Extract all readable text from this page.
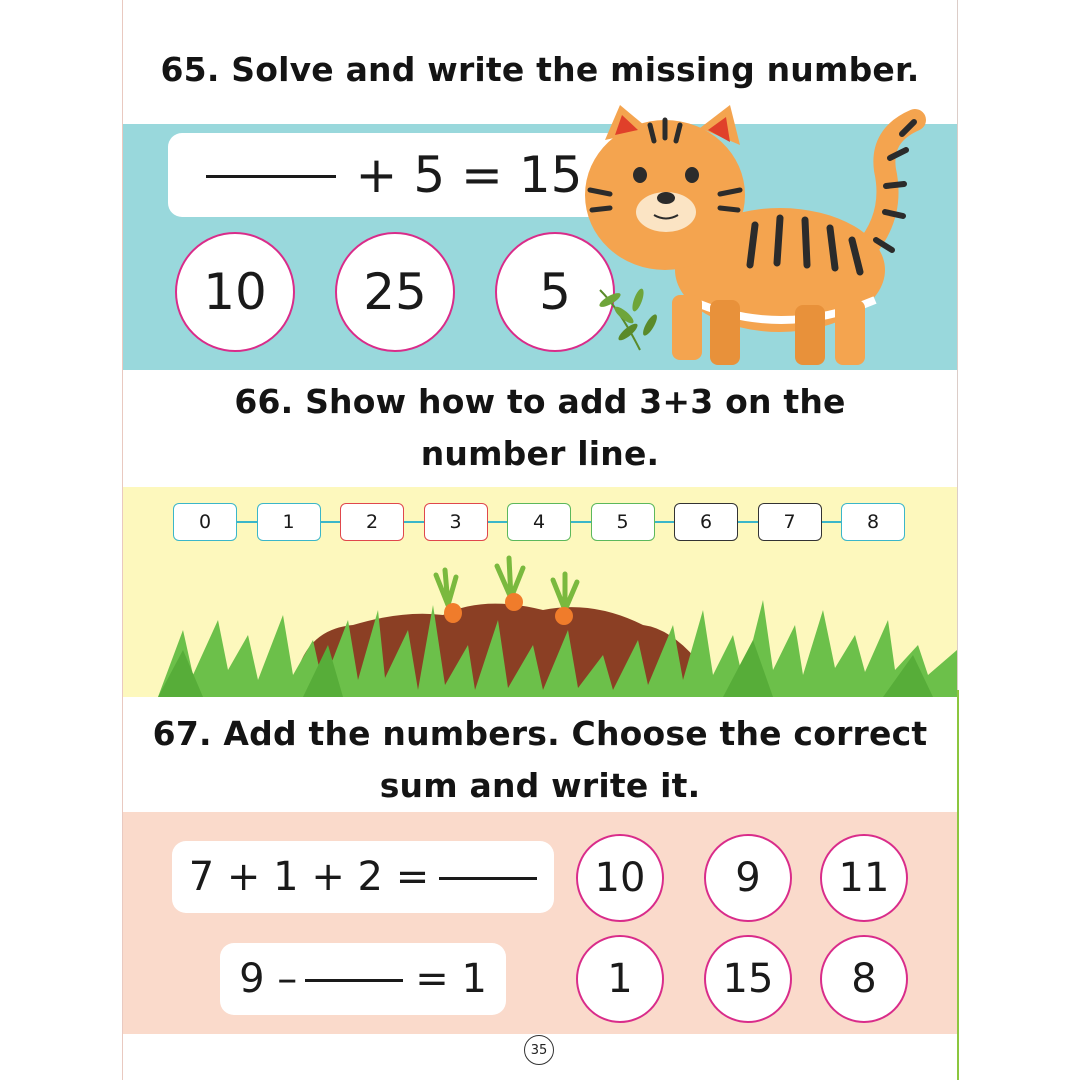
65. Solve and write the missing number.
+ 5 = 15
10 25 5
66. Show how to add 3+3 on the
number line.
0	1	2	3	4	5	6	7	8
67. Add the numbers. Choose the correct
sum and write it.
7 + 1 + 2 =
9 –	= 1
10 9 11
1 15 8
35
